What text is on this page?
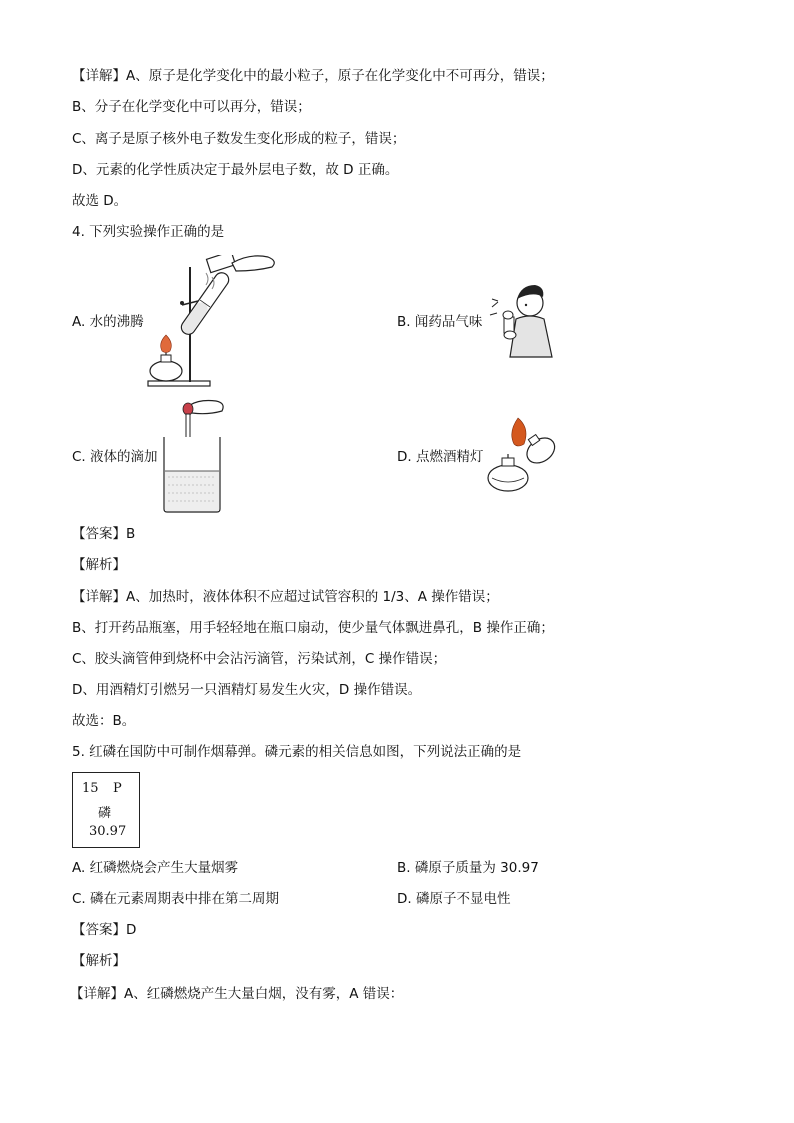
【详解】A、原子是化学变化中的最小粒子，原子在化学变化中不可再分，错误；
B、分子在化学变化中可以再分，错误；
C、离子是原子核外电子数发生变化形成的粒子，错误；
D、元素的化学性质决定于最外层电子数，故 D 正确。
故选 D。
4. 下列实验操作正确的是
A. 水的沸腾	B. 闻药品气味
C. 液体的滴加	D. 点燃酒精灯
【答案】B
【解析】
【详解】A、加热时，液体体积不应超过试管容积的 1/3、A 操作错误；
B、打开药品瓶塞，用手轻轻地在瓶口扇动，使少量气体飘进鼻孔，B 操作正确；
C、胶头滴管伸到烧杯中会沾污滴管，污染试剂，C 操作错误；
D、用酒精灯引燃另一只酒精灯易发生火灾，D 操作错误。
故选：B。
5. 红磷在国防中可制作烟幕弹。磷元素的相关信息如图，下列说法正确的是
15 P
磷
30.97
A. 红磷燃烧会产生大量烟雾	B. 磷原子质量为 30.97
C. 磷在元素周期表中排在第二周期	D. 磷原子不显电性
【答案】D
【解析】
【详解】A、红磷燃烧产生大量白烟，没有雾，A 错误：
